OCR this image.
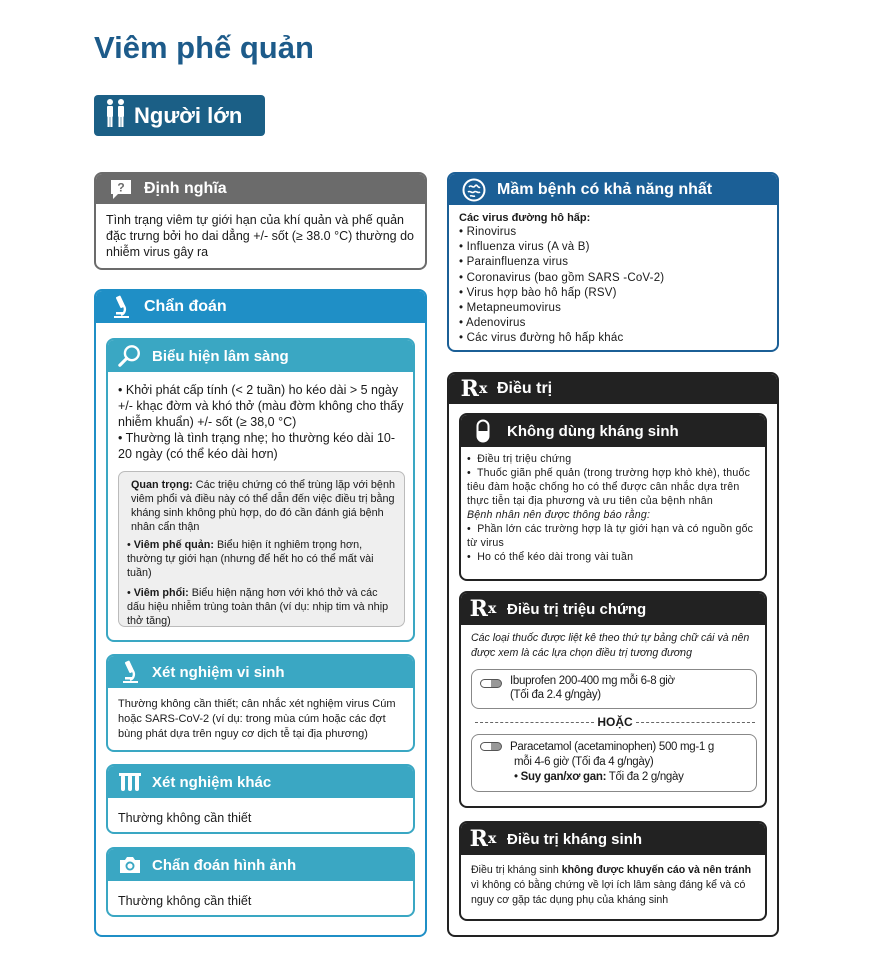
Viêm phế quản
Người lớn
? Định nghĩa
Tình trạng viêm tự giới hạn của khí quản và phế quản đặc trưng bởi ho dai dẳng +/- sốt (≥ 38.0 °C) thường do nhiễm virus gây ra
Chẩn đoán
Biểu hiện lâm sàng
• Khởi phát cấp tính (< 2 tuần) ho kéo dài > 5 ngày +/- khạc đờm và khó thở (màu đờm không cho thấy nhiễm khuẩn) +/- sốt (≥ 38,0 °C)
• Thường là tình trạng nhẹ; ho thường kéo dài 10-20 ngày (có thể kéo dài hơn)
Quan trọng: Các triệu chứng có thể trùng lặp với bệnh viêm phổi và điều này có thể dẫn đến việc điều trị bằng kháng sinh không phù hợp, do đó cần đánh giá bệnh nhân cẩn thận
• Viêm phế quản: Biểu hiện ít nghiêm trọng hơn, thường tự giới hạn (nhưng để hết ho có thể mất vài tuần)
• Viêm phổi: Biểu hiện nặng hơn với khó thở và các dấu hiệu nhiễm trùng toàn thân (ví dụ: nhịp tim và nhịp thở tăng)
Xét nghiệm vi sinh
Thường không cần thiết; cân nhắc xét nghiệm virus Cúm hoặc SARS-CoV-2 (ví dụ: trong mùa cúm hoặc các đợt bùng phát dựa trên nguy cơ dịch tễ tại địa phương)
Xét nghiệm khác
Thường không cần thiết
Chẩn đoán hình ảnh
Thường không cần thiết
Mầm bệnh có khả năng nhất
Các virus đường hô hấp:
• Rinovirus
• Influenza virus (A và B)
• Parainfluenza virus
• Coronavirus (bao gồm SARS -CoV-2)
• Virus hợp bào hô hấp (RSV)
• Metapneumovirus
• Adenovirus
• Các virus đường hô hấp khác
R x Điều trị
Không dùng kháng sinh
•  Điều trị triệu chứng
•  Thuốc giãn phế quản (trong trường hợp khò khè), thuốc tiêu đàm hoặc chống ho có thể được cân nhắc dựa trên thực tiễn tại địa phương và ưu tiên của bệnh nhân
Bệnh nhân nên được thông báo rằng:
•  Phần lớn các trường hợp là tự giới hạn và có nguồn gốc từ virus
•  Ho có thể kéo dài trong vài tuần
R x Điều trị triệu chứng
Các loại thuốc được liệt kê theo thứ tự bảng chữ cái và nên được xem là các lựa chọn điều trị tương đương
Ibuprofen 200-400 mg mỗi 6-8 giờ
(Tối đa 2.4 g/ngày)
HOẶC
Paracetamol (acetaminophen) 500 mg-1 g
mỗi 4-6 giờ (Tối đa 4 g/ngày)
• Suy gan/xơ gan: Tối đa 2 g/ngày
R x Điều trị kháng sinh
Điều trị kháng sinh không được khuyến cáo và nên tránh vì không có bằng chứng về lợi ích lâm sàng đáng kể và có nguy cơ gặp tác dụng phụ của kháng sinh
